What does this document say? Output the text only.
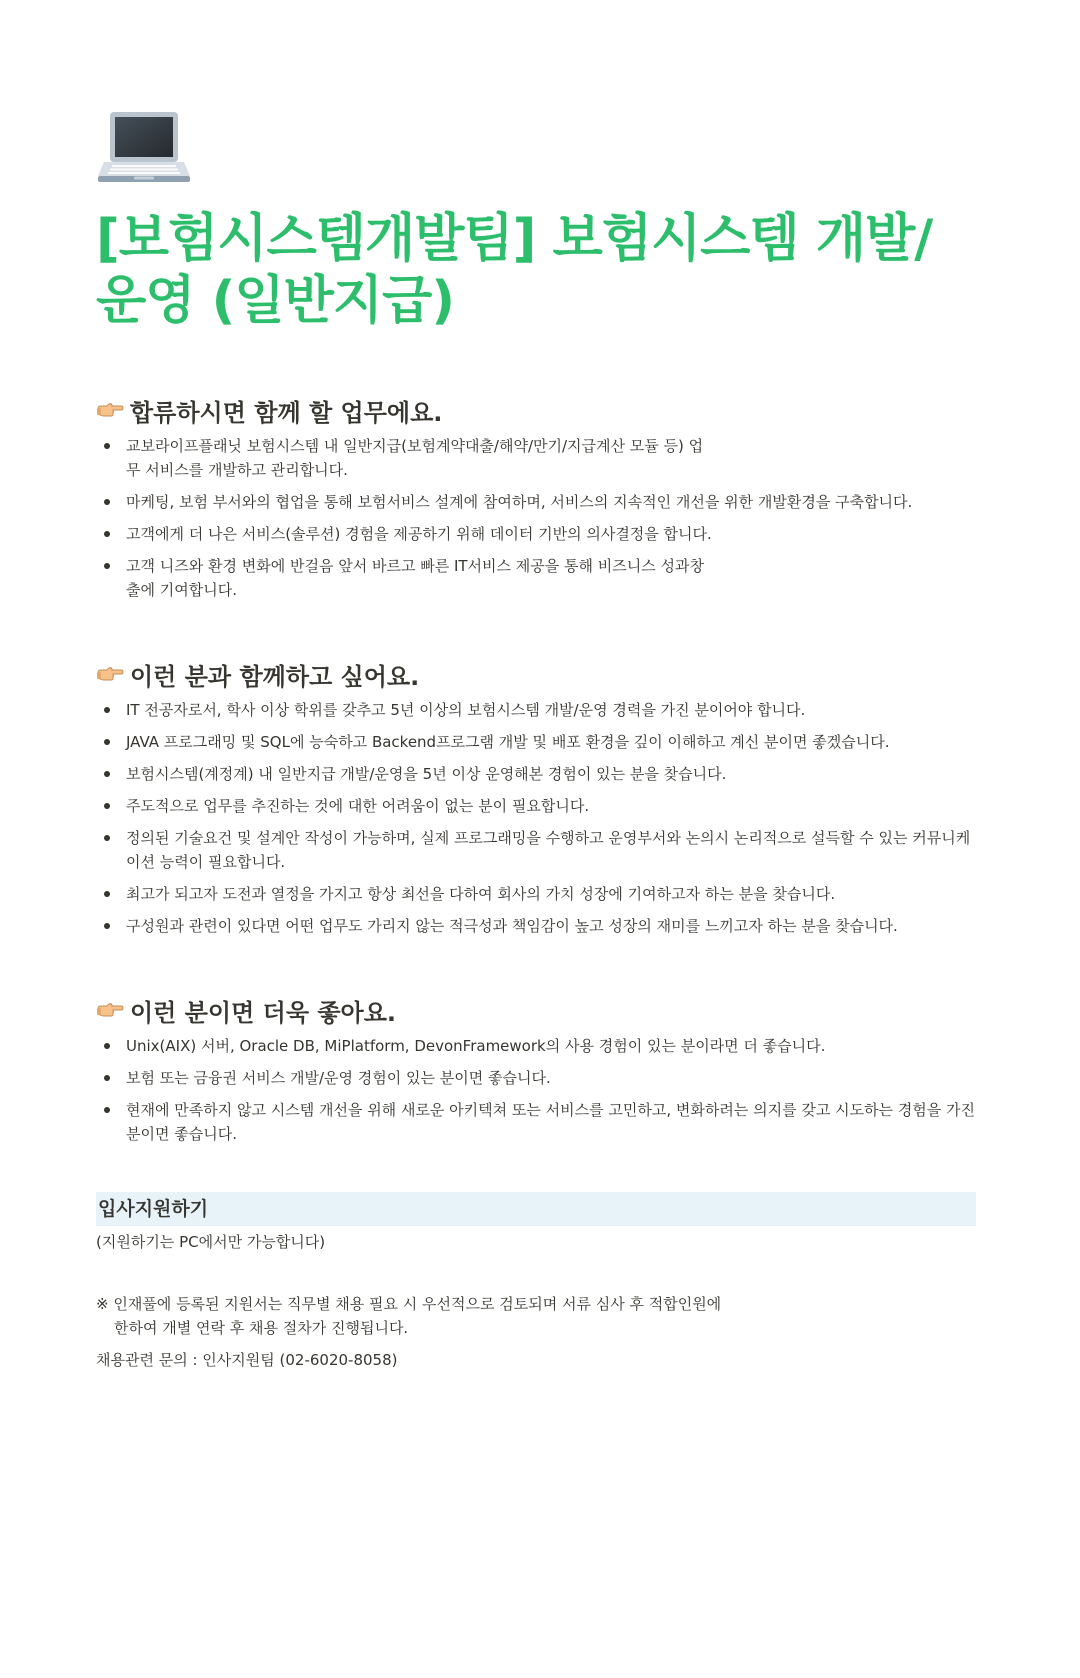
[보험시스템개발팀] 보험시스템 개발/운영 (일반지급)
합류하시면 함께 할 업무에요.
교보라이프플래닛 보험시스템 내 일반지급(보험계약대출/해약/만기/지급계산 모듈 등) 업무 서비스를 개발하고 관리합니다.
마케팅, 보험 부서와의 협업을 통해 보험서비스 설계에 참여하며, 서비스의 지속적인 개선을 위한 개발환경을 구축합니다.
고객에게 더 나은 서비스(솔루션) 경험을 제공하기 위해 데이터 기반의 의사결정을 합니다.
고객 니즈와 환경 변화에 반걸음 앞서 바르고 빠른 IT서비스 제공을 통해 비즈니스 성과창출에 기여합니다.
이런 분과 함께하고 싶어요.
IT 전공자로서, 학사 이상 학위를 갖추고 5년 이상의 보험시스템 개발/운영 경력을 가진 분이어야 합니다.
JAVA 프로그래밍 및 SQL에 능숙하고 Backend프로그램 개발 및 배포 환경을 깊이 이해하고 계신 분이면 좋겠습니다.
보험시스템(계정계) 내 일반지급 개발/운영을 5년 이상 운영해본 경험이 있는 분을 찾습니다.
주도적으로 업무를 추진하는 것에 대한 어려움이 없는 분이 필요합니다.
정의된 기술요건 및 설계안 작성이 가능하며, 실제 프로그래밍을 수행하고 운영부서와 논의시 논리적으로 설득할 수 있는 커뮤니케이션 능력이 필요합니다.
최고가 되고자 도전과 열정을 가지고 항상 최선을 다하여 회사의 가치 성장에 기여하고자 하는 분을 찾습니다.
구성원과 관련이 있다면 어떤 업무도 가리지 않는 적극성과 책임감이 높고 성장의 재미를 느끼고자 하는 분을 찾습니다.
이런 분이면 더욱 좋아요.
Unix(AIX) 서버, Oracle DB, MiPlatform, DevonFramework의 사용 경험이 있는 분이라면 더 좋습니다.
보험 또는 금융권 서비스 개발/운영 경험이 있는 분이면 좋습니다.
현재에 만족하지 않고 시스템 개선을 위해 새로운 아키텍쳐 또는 서비스를 고민하고, 변화하려는 의지를 갖고 시도하는 경험을 가진 분이면 좋습니다.
입사지원하기

(지원하기는 PC에서만 가능합니다)

※ 인재풀에 등록된 지원서는 직무별 채용 필요 시 우선적으로 검토되며 서류 심사 후 적합인원에

한하여 개별 연락 후 채용 절차가 진행됩니다.

채용관련 문의 : 인사지원팀 (02-6020-8058)
